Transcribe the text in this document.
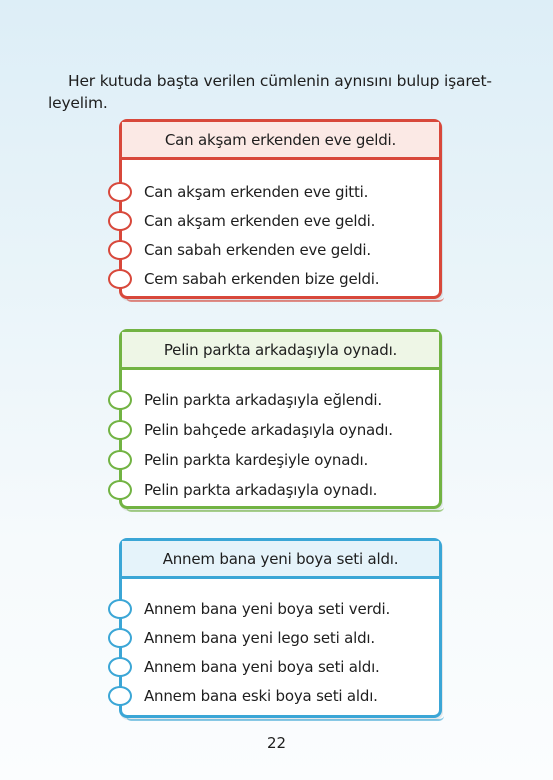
Her kutuda başta verilen cümlenin aynısını bulup işaret-
leyelim.
Can akşam erkenden eve geldi.
Can akşam erkenden eve gitti.
Can akşam erkenden eve geldi.
Can sabah erkenden eve geldi.
Cem sabah erkenden bize geldi.
Pelin parkta arkadaşıyla oynadı.
Pelin parkta arkadaşıyla eğlendi.
Pelin bahçede arkadaşıyla oynadı.
Pelin parkta kardeşiyle oynadı.
Pelin parkta arkadaşıyla oynadı.
Annem bana yeni boya seti aldı.
Annem bana yeni boya seti verdi.
Annem bana yeni lego seti aldı.
Annem bana yeni boya seti aldı.
Annem bana eski boya seti aldı.
22
